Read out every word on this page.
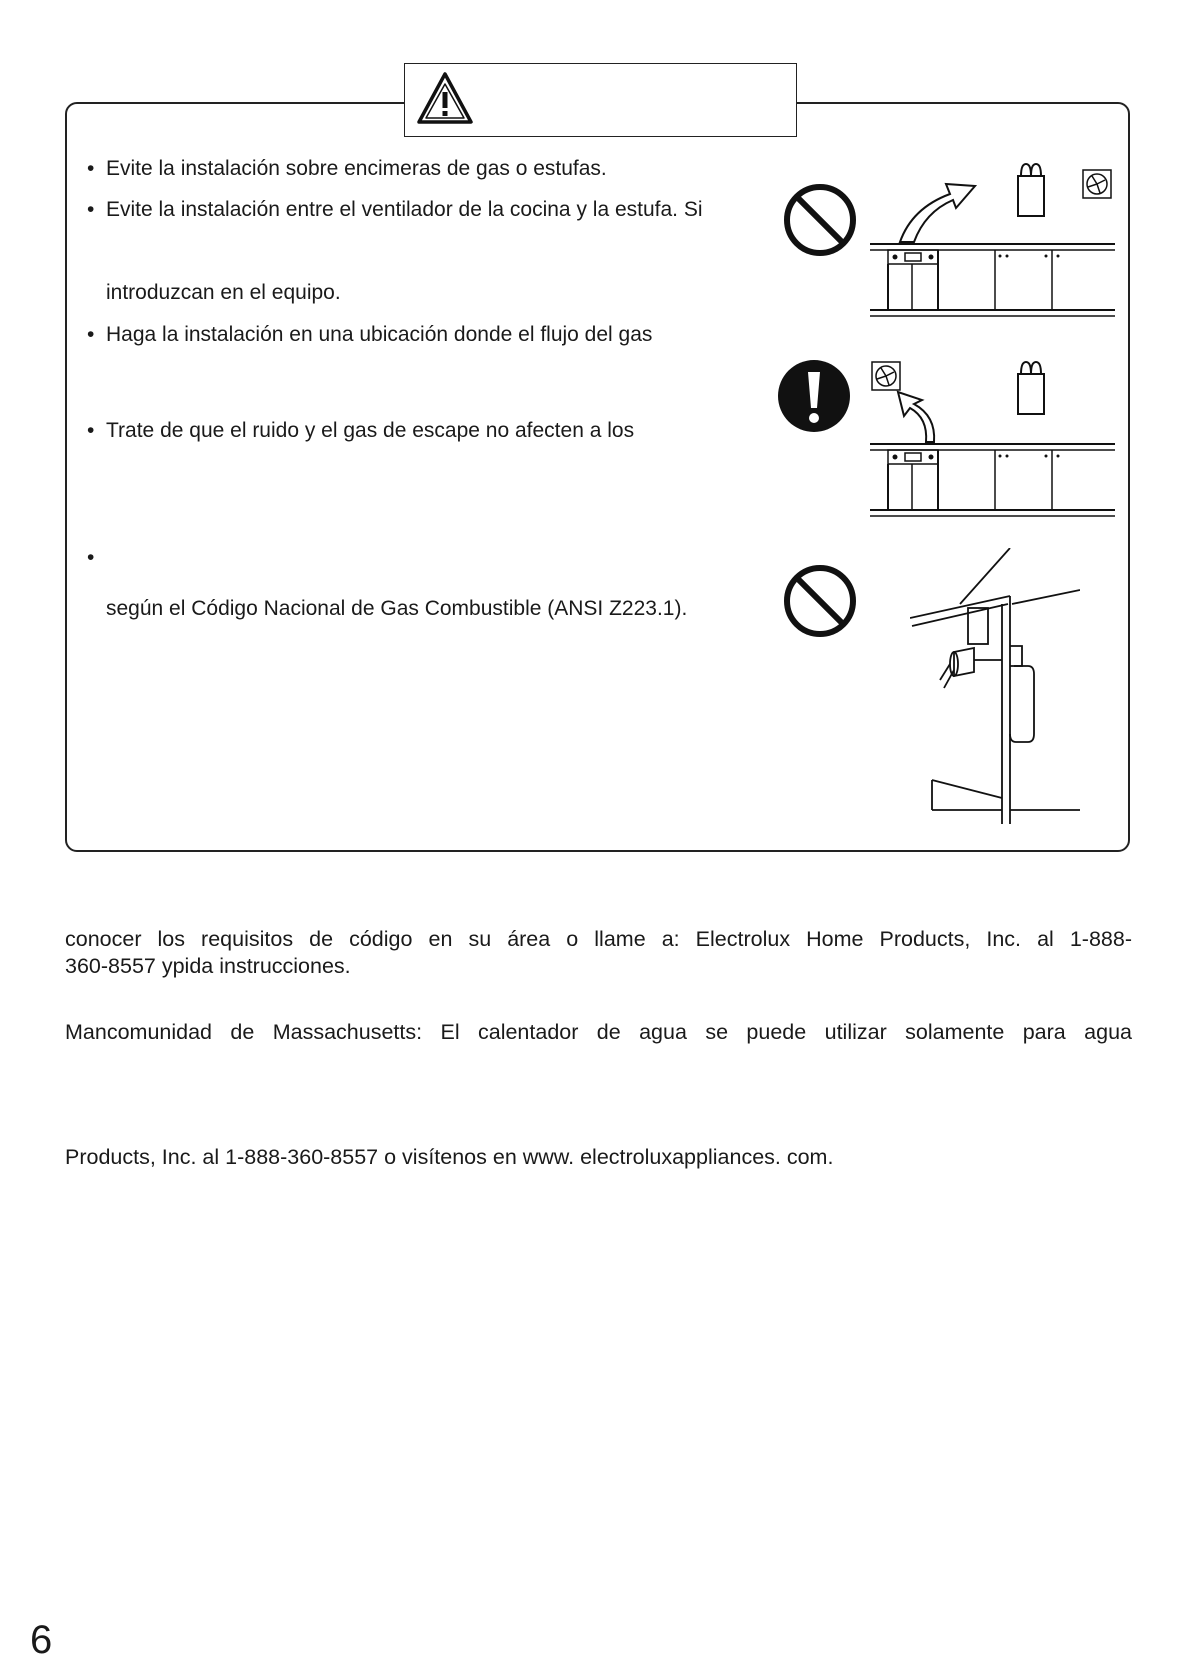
• Evite la instalación sobre encimeras de gas o estufas.
• Evite la instalación entre el ventilador de la cocina y la estufa. Si
introduzcan en el equipo.
• Haga la instalación en una ubicación donde el flujo del gas
• Trate de que el ruido y el gas de escape no afecten a los
•
según el Código Nacional de Gas Combustible (ANSI Z223.1).
conocer los requisitos de código en su área o llame a: Electrolux Home Products, Inc. al 1-888-
360-8557 ypida instrucciones.
Mancomunidad de Massachusetts: El calentador de agua se puede utilizar solamente para agua
Products, Inc. al 1-888-360-8557 o visítenos en www. electroluxappliances. com.
6
